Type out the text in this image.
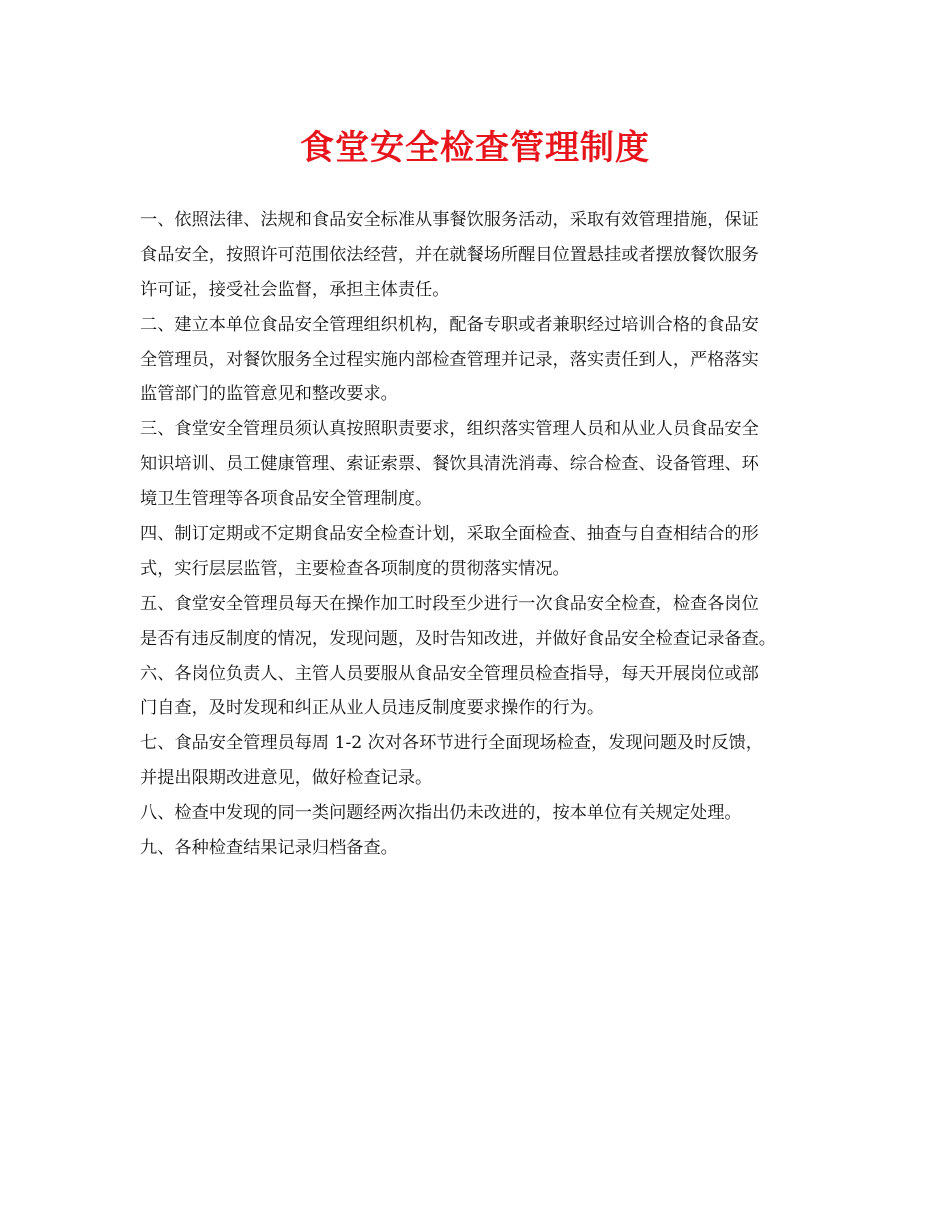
食堂安全检查管理制度
一、依照法律、法规和食品安全标准从事餐饮服务活动，采取有效管理措施，保证
食品安全，按照许可范围依法经营，并在就餐场所醒目位置悬挂或者摆放餐饮服务
许可证，接受社会监督，承担主体责任。
二、建立本单位食品安全管理组织机构，配备专职或者兼职经过培训合格的食品安
全管理员，对餐饮服务全过程实施内部检查管理并记录，落实责任到人，严格落实
监管部门的监管意见和整改要求。
三、食堂安全管理员须认真按照职责要求，组织落实管理人员和从业人员食品安全
知识培训、员工健康管理、索证索票、餐饮具清洗消毒、综合检查、设备管理、环
境卫生管理等各项食品安全管理制度。
四、制订定期或不定期食品安全检查计划，采取全面检查、抽查与自查相结合的形
式，实行层层监管，主要检查各项制度的贯彻落实情况。
五、食堂安全管理员每天在操作加工时段至少进行一次食品安全检查，检查各岗位
是否有违反制度的情况，发现问题，及时告知改进，并做好食品安全检查记录备查。
六、各岗位负责人、主管人员要服从食品安全管理员检查指导，每天开展岗位或部
门自查，及时发现和纠正从业人员违反制度要求操作的行为。
七、食品安全管理员每周 1-2 次对各环节进行全面现场检查，发现问题及时反馈，
并提出限期改进意见，做好检查记录。
八、检查中发现的同一类问题经两次指出仍未改进的，按本单位有关规定处理。
九、各种检查结果记录归档备查。
